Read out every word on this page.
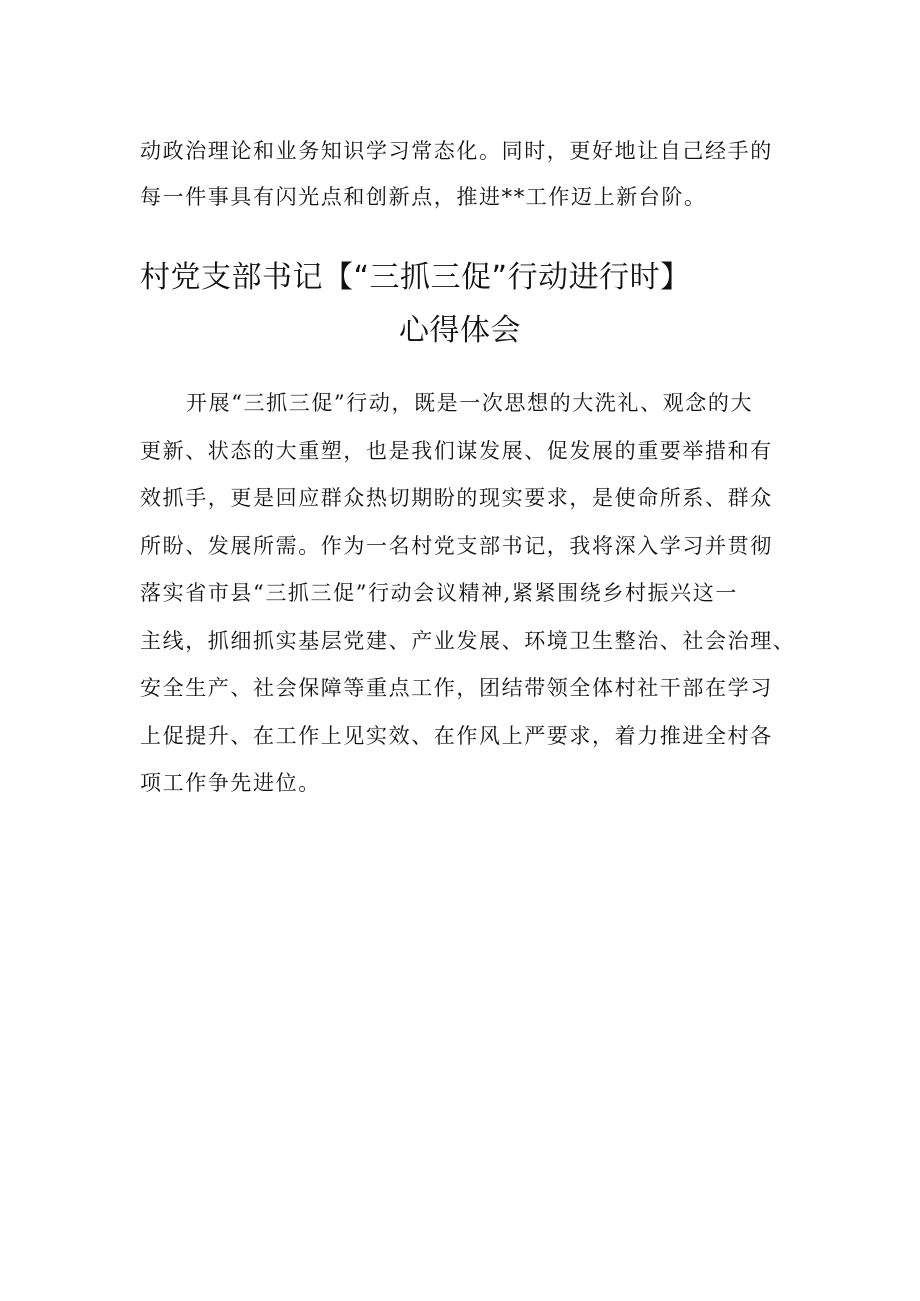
动政治理论和业务知识学习常态化。同时，更好地让自己经手的
每一件事具有闪光点和创新点，推进**工作迈上新台阶。
村党支部书记【“三抓三促”行动进行时】
心得体会
开展“三抓三促”行动，既是一次思想的大洗礼、观念的大
更新、状态的大重塑，也是我们谋发展、促发展的重要举措和有
效抓手，更是回应群众热切期盼的现实要求，是使命所系、群众
所盼、发展所需。作为一名村党支部书记，我将深入学习并贯彻
落实省市县“三抓三促”行动会议精神,紧紧围绕乡村振兴这一
主线，抓细抓实基层党建、产业发展、环境卫生整治、社会治理、
安全生产、社会保障等重点工作，团结带领全体村社干部在学习
上促提升、在工作上见实效、在作风上严要求，着力推进全村各
项工作争先进位。
